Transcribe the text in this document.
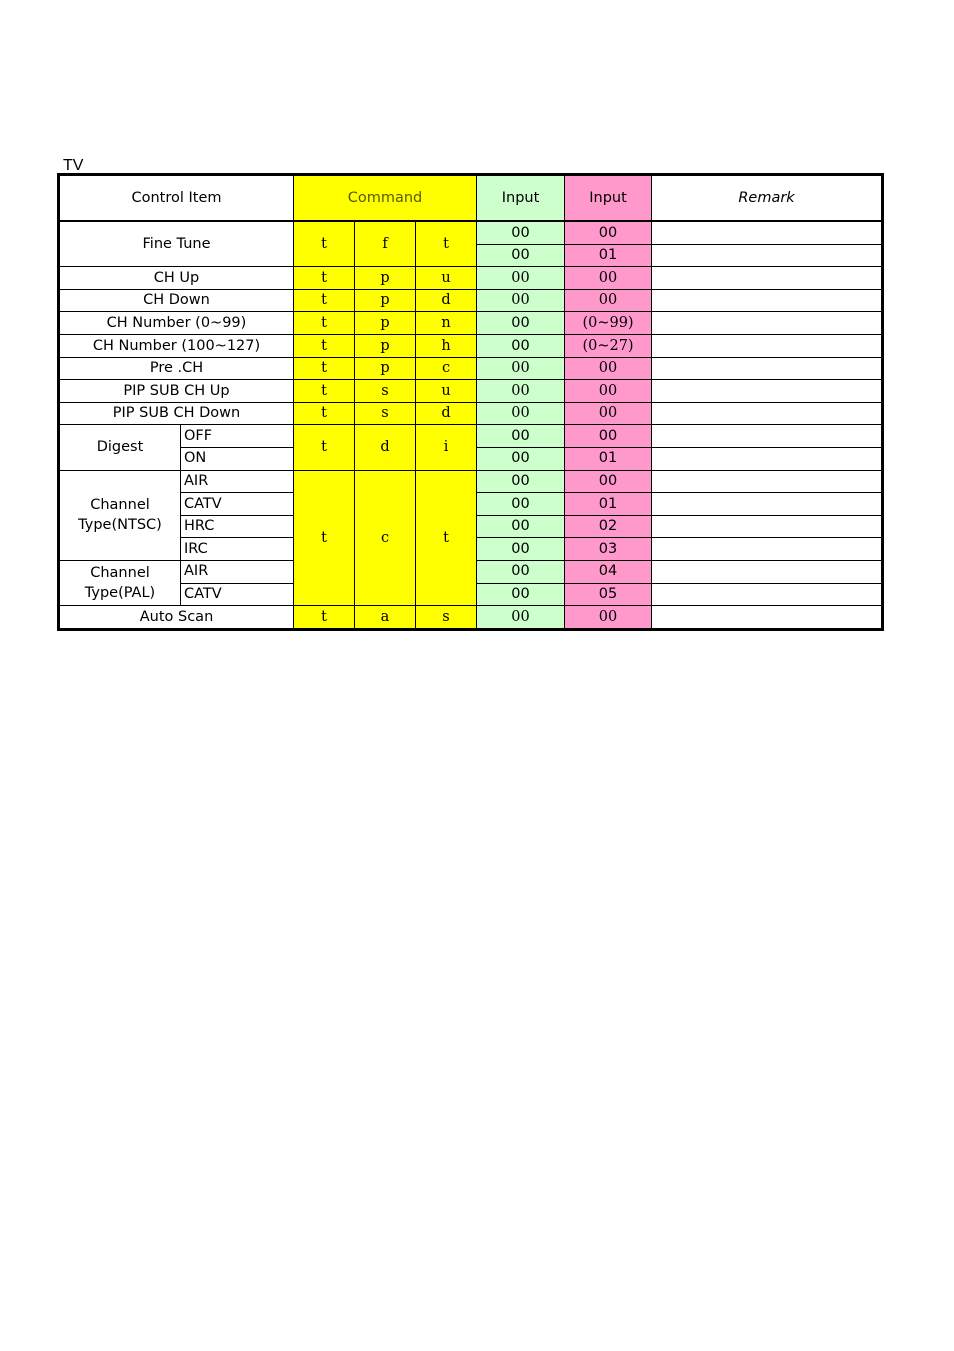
TV
Control Item		Command			Input	Input	Remark
Fine Tune		t	f	t	00	00	
					00	01	
CH Up		t	p	u	00	00	
CH Down		t	p	d	00	00	
CH Number (0~99)		t	p	n	00	(0~99)	
CH Number (100~127)		t	p	h	00	(0~27)	
Pre .CH		t	p	c	00	00	
PIP SUB CH Up		t	s	u	00	00	
PIP SUB CH Down		t	s	d	00	00	
Digest	OFF	t	d	i	00	00	
	ON				00	01	
Channel Type(NTSC)	AIR	t	c	t	00	00	
	CATV				00	01	
	HRC				00	02	
	IRC				00	03	
Channel Type(PAL)	AIR				00	04	
	CATV				00	05	
Auto Scan		t	a	s	00	00	
